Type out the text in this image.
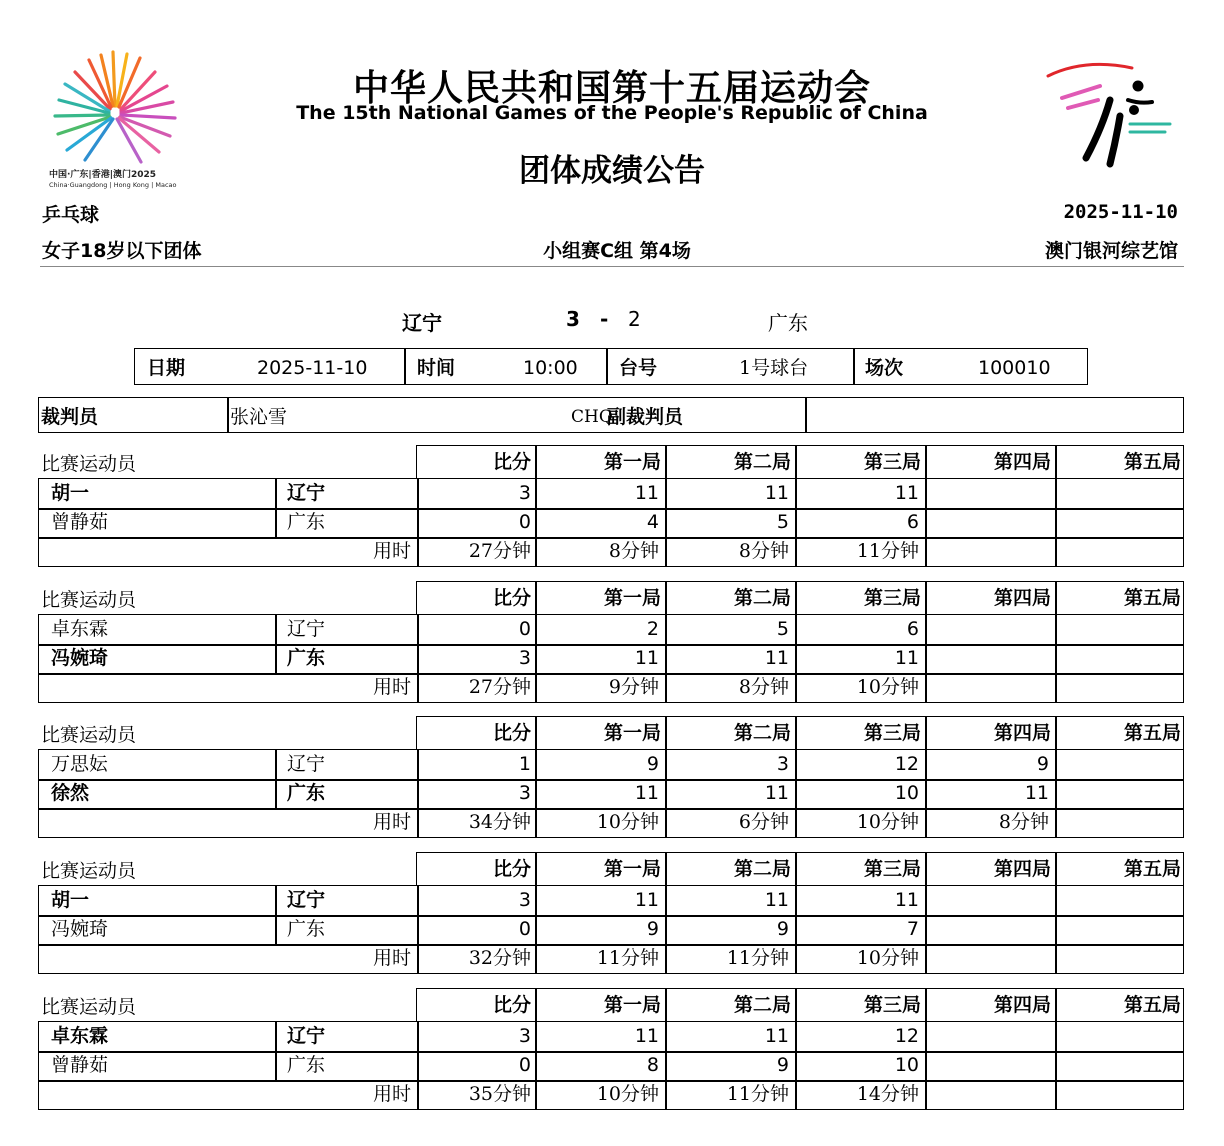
中国·广东|香港|澳门2025
China·Guangdong | Hong Kong | Macao
中华人民共和国第十五届运动会
The 15th National Games of the People's Republic of China
团体成绩公告
乒乓球	2025-11-10
女子18岁以下团体	小组赛C组 第4场	澳门银河综艺馆
辽宁	3 - 2	广东
日期	2025-11-10	时间	10:00 台号	1号球台	场次	100010
裁判员	张沁雪	CHQ
副裁判员
比赛运动员	比分	第一局	第二局	第三局	第四局	第五局
胡一	辽宁	3	11	11	11
曾静茹	广东	0	4	5	6
用时	27分钟	8分钟	8分钟	11分钟
比赛运动员	比分	第一局	第二局	第三局	第四局	第五局
卓东霖	辽宁	0	2	5	6
冯婉琦	广东	3	11	11	11
用时	27分钟	9分钟	8分钟	10分钟
比赛运动员	比分	第一局	第二局	第三局	第四局	第五局
万思妘	辽宁	1	9	3	12	9
徐然	广东	3	11	11	10	11
用时	34分钟	10分钟	6分钟	10分钟	8分钟
比赛运动员	比分	第一局	第二局	第三局	第四局	第五局
胡一	辽宁	3	11	11	11
冯婉琦	广东	0	9	9	7
用时	32分钟	11分钟	11分钟	10分钟
比赛运动员	比分	第一局	第二局	第三局	第四局	第五局
卓东霖	辽宁	3	11	11	12
曾静茹	广东	0	8	9	10
用时	35分钟	10分钟	11分钟	14分钟
